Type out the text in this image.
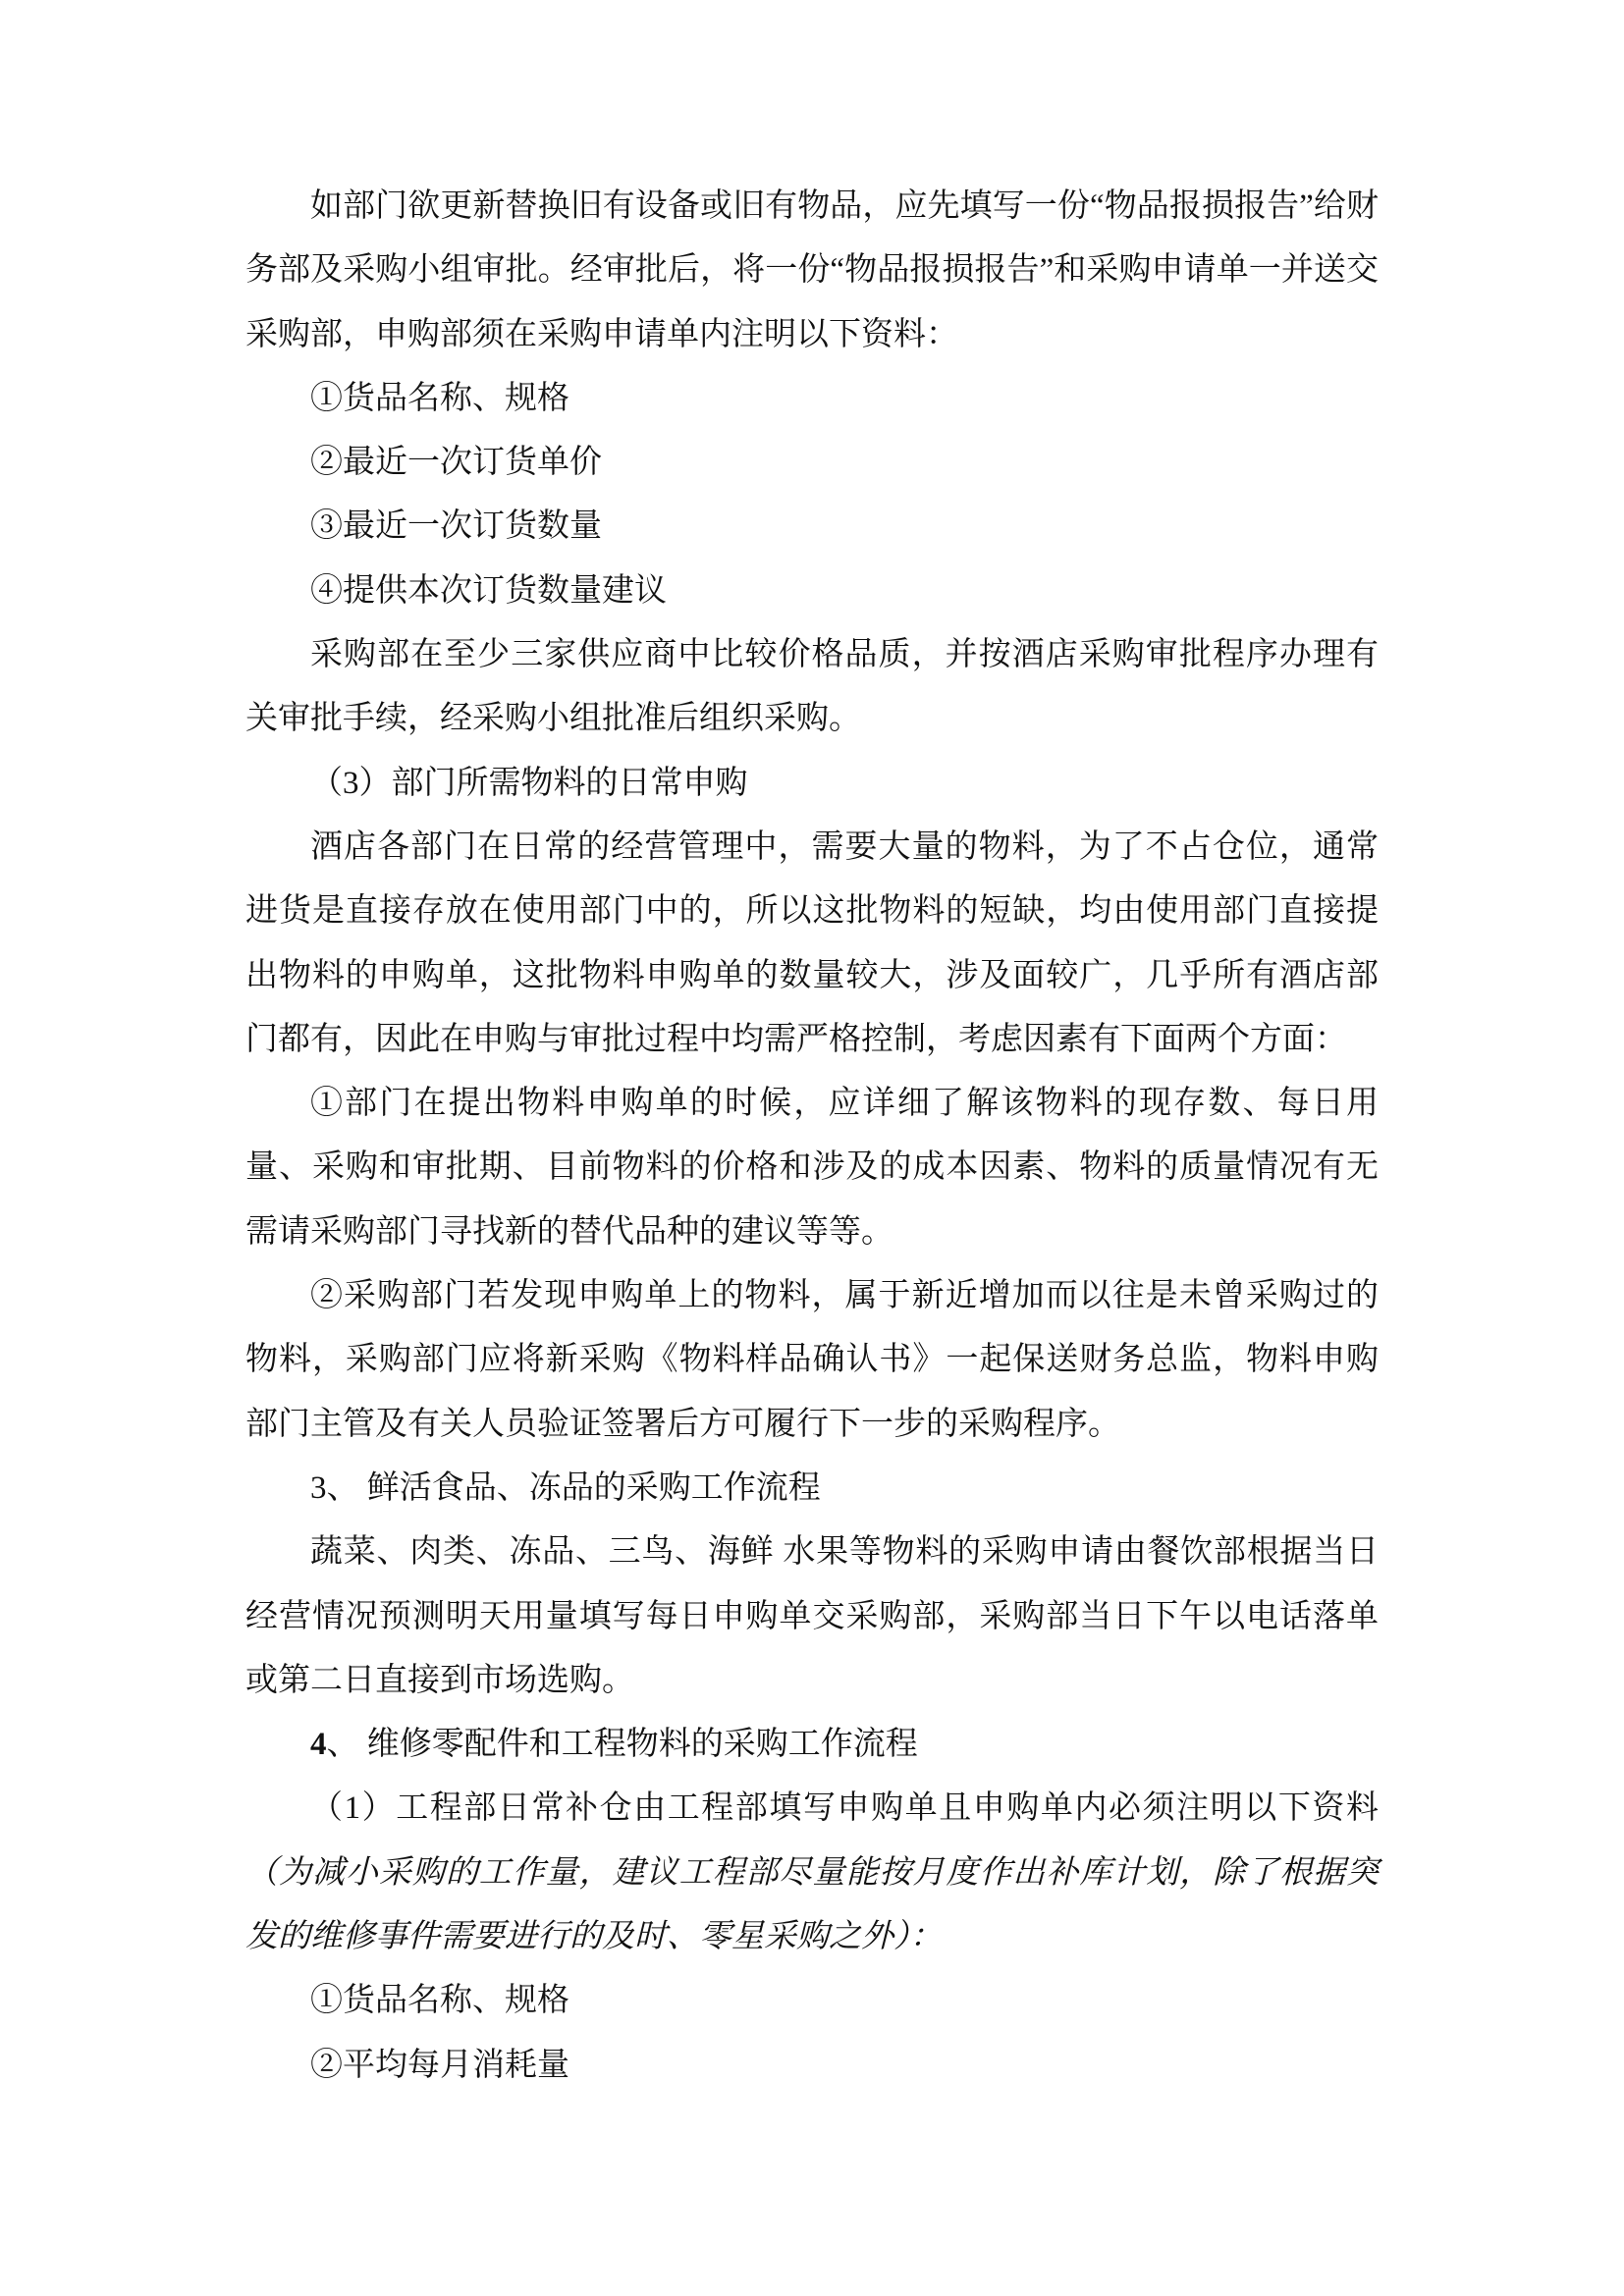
如部门欲更新替换旧有设备或旧有物品，应先填写一份“物品报损报告”给财务部及采购小组审批。经审批后，将一份“物品报损报告”和采购申请单一并送交采购部，申购部须在采购申请单内注明以下资料：

①货品名称、规格

②最近一次订货单价

③最近一次订货数量

④提供本次订货数量建议

采购部在至少三家供应商中比较价格品质，并按酒店采购审批程序办理有关审批手续，经采购小组批准后组织采购。

（3）部门所需物料的日常申购

酒店各部门在日常的经营管理中，需要大量的物料，为了不占仓位，通常进货是直接存放在使用部门中的，所以这批物料的短缺，均由使用部门直接提出物料的申购单，这批物料申购单的数量较大，涉及面较广，几乎所有酒店部门都有，因此在申购与审批过程中均需严格控制，考虑因素有下面两个方面：

①部门在提出物料申购单的时候，应详细了解该物料的现存数、每日用量、采购和审批期、目前物料的价格和涉及的成本因素、物料的质量情况有无需请采购部门寻找新的替代品种的建议等等。

②采购部门若发现申购单上的物料，属于新近增加而以往是未曾采购过的物料，采购部门应将新采购《物料样品确认书》一起保送财务总监，物料申购部门主管及有关人员验证签署后方可履行下一步的采购程序。

3、 鲜活食品、冻品的采购工作流程

蔬菜、肉类、冻品、三鸟、海鲜 水果等物料的采购申请由餐饮部根据当日经营情况预测明天用量填写每日申购单交采购部，采购部当日下午以电话落单或第二日直接到市场选购。

4、 维修零配件和工程物料的采购工作流程

（1）工程部日常补仓由工程部填写申购单且申购单内必须注明以下资料（为减小采购的工作量，建议工程部尽量能按月度作出补库计划，除了根据突发的维修事件需要进行的及时、零星采购之外）：

①货品名称、规格

②平均每月消耗量
